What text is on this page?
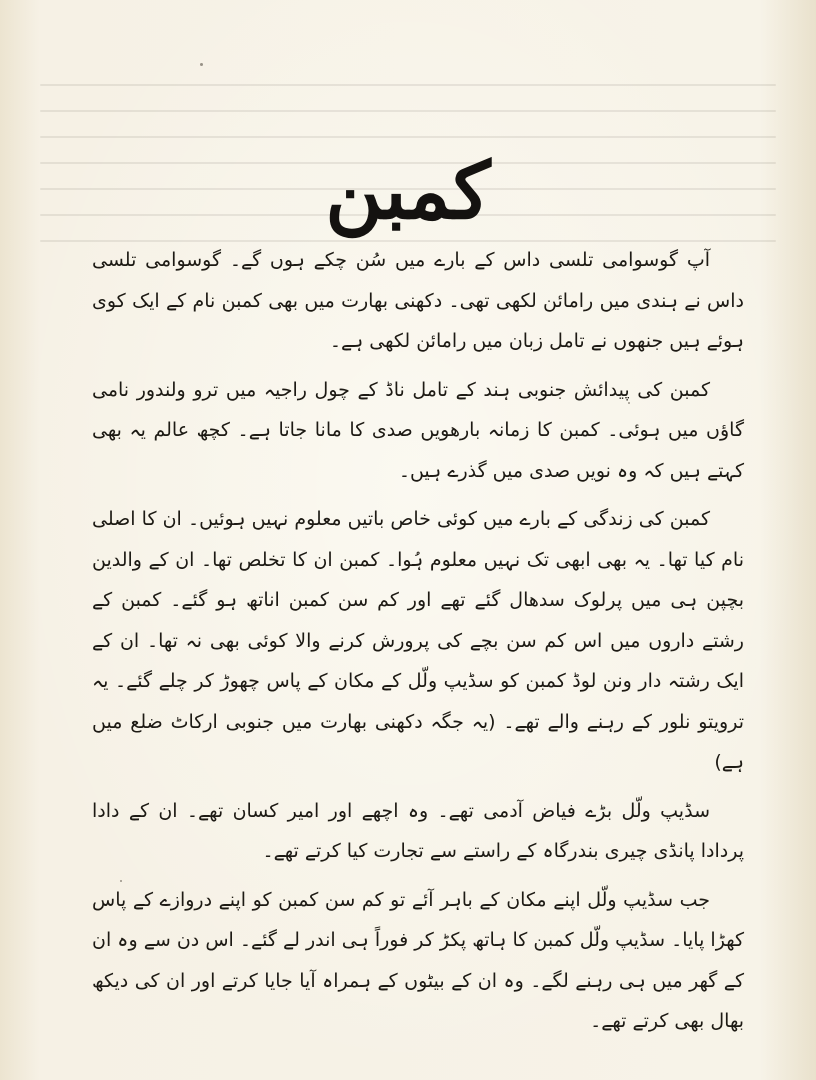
کمبن

آپ گوسوامی تلسی داس کے بارے میں سُن چکے ہوں گے۔ گوسوامی تلسی داس نے ہندی میں رامائن لکھی تھی۔ دکھنی بھارت میں بھی کمبن نام کے ایک کوی ہوئے ہیں جنھوں نے تامل زبان میں رامائن لکھی ہے۔

کمبن کی پیدائش جنوبی ہند کے تامل ناڈ کے چول راجیہ میں ترو ولندور نامی گاؤں میں ہوئی۔ کمبن کا زمانہ بارھویں صدی کا مانا جاتا ہے۔ کچھ عالم یہ بھی کہتے ہیں کہ وہ نویں صدی میں گذرے ہیں۔

کمبن کی زندگی کے بارے میں کوئی خاص باتیں معلوم نہیں ہوئیں۔ ان کا اصلی نام کیا تھا۔ یہ بھی ابھی تک نہیں معلوم ہُوا۔ کمبن ان کا تخلص تھا۔ ان کے والدین بچپن ہی میں پرلوک سدھال گئے تھے اور کم سن کمبن اناتھ ہو گئے۔ کمبن کے رشتے داروں میں اس کم سن بچے کی پرورش کرنے والا کوئی بھی نہ تھا۔ ان کے ایک رشتہ دار ونن لوڈ کمبن کو سڈیپ ولّل کے مکان کے پاس چھوڑ کر چلے گئے۔ یہ ترویتو نلور کے رہنے والے تھے۔ (یہ جگہ دکھنی بھارت میں جنوبی ارکاٹ ضلع میں ہے)

سڈیپ ولّل بڑے فیاض آدمی تھے۔ وہ اچھے اور امیر کسان تھے۔ ان کے دادا پردادا پانڈی چیری بندرگاہ کے راستے سے تجارت کیا کرتے تھے۔

جب سڈیپ ولّل اپنے مکان کے باہر آئے تو کم سن کمبن کو اپنے دروازے کے پاس کھڑا پایا۔ سڈیپ ولّل کمبن کا ہاتھ پکڑ کر فوراً ہی اندر لے گئے۔ اس دن سے وہ ان کے گھر میں ہی رہنے لگے۔ وہ ان کے بیٹوں کے ہمراہ آیا جایا کرتے اور ان کی دیکھ بھال بھی کرتے تھے۔
